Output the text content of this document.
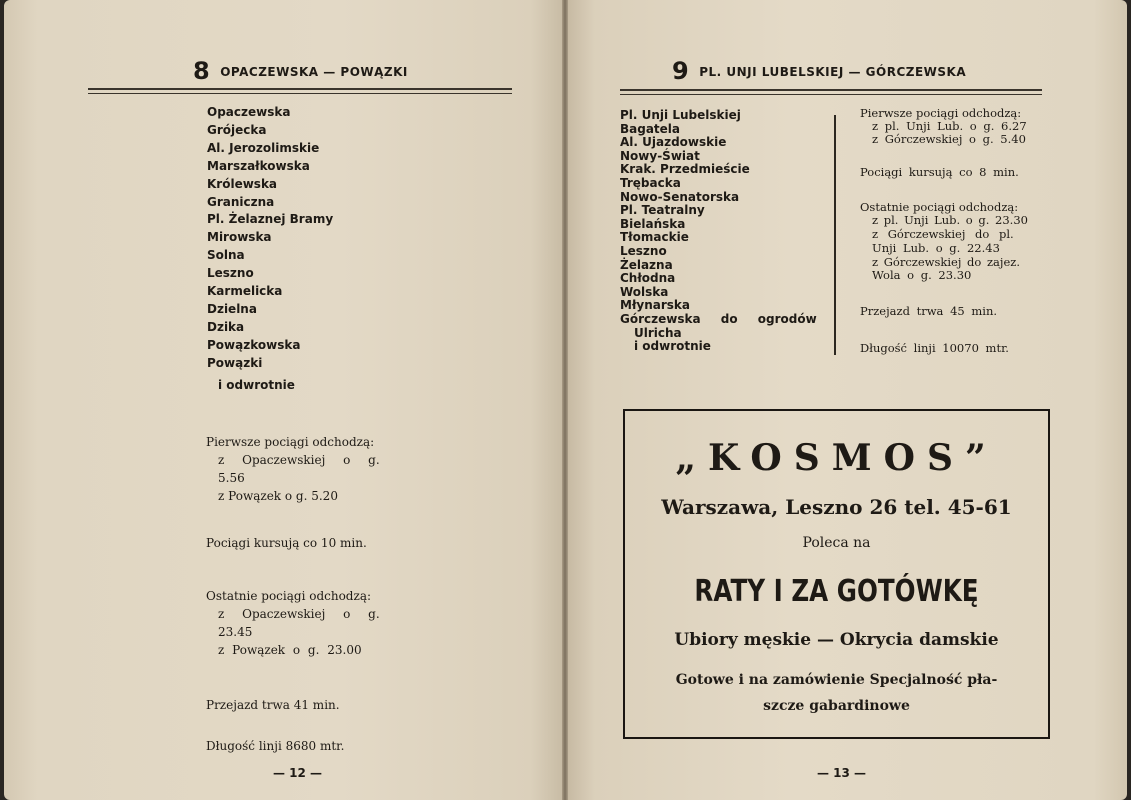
8 OPACZEWSKA — POWĄZKI
Opaczewska
Grójecka
Al. Jerozolimskie
Marszałkowska
Królewska
Graniczna
Pl. Żelaznej Bramy
Mirowska
Solna
Leszno
Karmelicka
Dzielna
Dzika
Powązkowska
Powązki
i odwrotnie
Pierwsze pociągi odchodzą:
z Opaczewskiej o g.
5.56
z Powązek o g. 5.20
Pociągi kursują co 10 min.
Ostatnie pociągi odchodzą:
z Opaczewskiej o g.
23.45
z Powązek o g. 23.00
Przejazd trwa 41 min.
Długość linji 8680 mtr.
— 12 —
9 PL. UNJI LUBELSKIEJ — GÓRCZEWSKA
Pl. Unji Lubelskiej
Bagatela
Al. Ujazdowskie
Nowy-Świat
Krak. Przedmieście
Trębacka
Nowo-Senatorska
Pl. Teatralny
Bielańska
Tłomackie
Leszno
Żelazna
Chłodna
Wolska
Młynarska
Górczewska do ogrodów
Ulricha
i odwrotnie
Pierwsze pociągi odchodzą:
z pl. Unji Lub. o g. 6.27
z Górczewskiej o g. 5.40
Pociągi kursują co 8 min.
Ostatnie pociągi odchodzą:
z pl. Unji Lub. o g. 23.30
z Górczewskiej do pl.
Unji Lub. o g. 22.43
z Górczewskiej do zajez.
Wola o g. 23.30
Przejazd trwa 45 min.
Długość linji 10070 mtr.
„KOSMOS”
Warszawa, Leszno 26 tel. 45-61
Poleca na
RATY I ZA GOTÓWKĘ
Ubiory męskie — Okrycia damskie
Gotowe i na zamówienie Specjalność pła-
szcze gabardinowe
— 13 —
